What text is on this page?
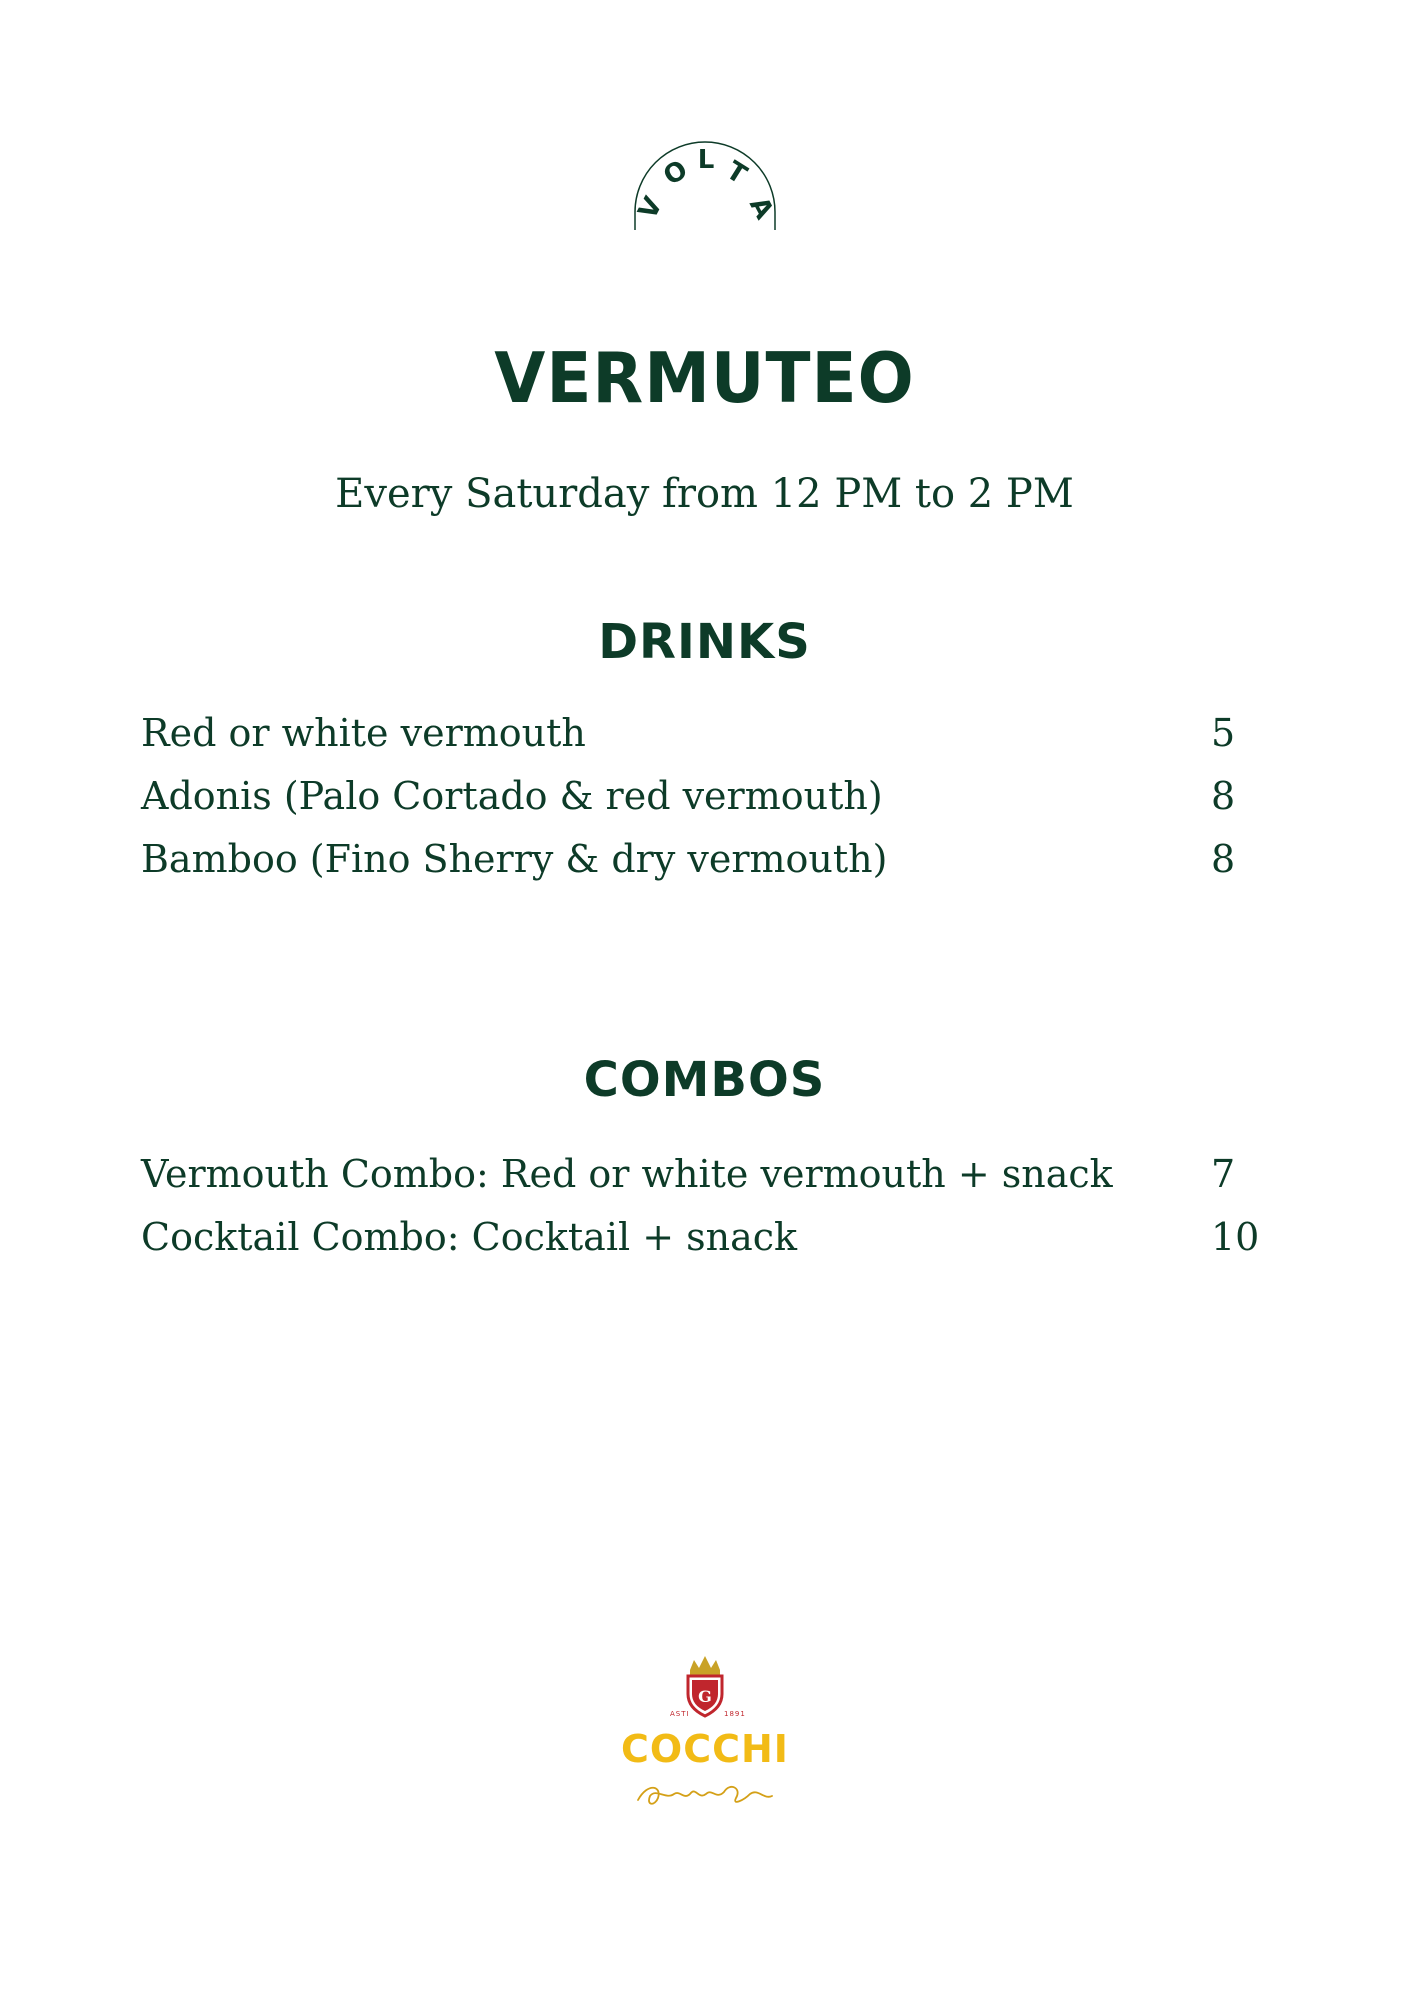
V
O L T
A
VERMUTEO
Every Saturday from 12 PM to 2 PM
DRINKS
Red or white vermouth	5
Adonis (Palo Cortado & red vermouth)	8
Bamboo (Fino Sherry & dry vermouth)	8
COMBOS
Vermouth Combo: Red or white vermouth + snack	7
Cocktail Combo: Cocktail + snack	10
G
ASTI	1891
COCCHI
